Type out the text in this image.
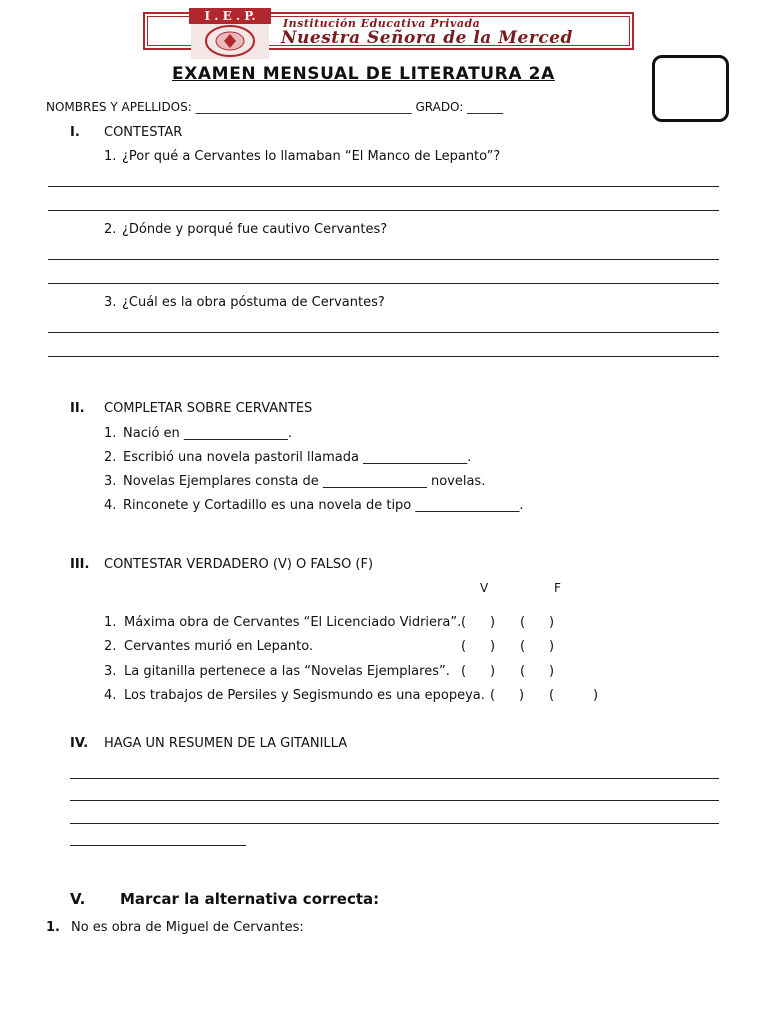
I . E . P.
Institución Educativa Privada
Nuestra Señora de la Merced
EXAMEN MENSUAL DE LITERATURA 2A
NOMBRES Y APELLIDOS: ____________________________________ GRADO: ______
I. CONTESTAR
1. ¿Por qué a Cervantes lo llamaban “El Manco de Lepanto”?
2. ¿Dónde y porqué fue cautivo Cervantes?
3. ¿Cuál es la obra póstuma de Cervantes?
II. COMPLETAR SOBRE CERVANTES
1. Nació en ________________.
2. Escribió una novela pastoril llamada ________________.
3. Novelas Ejemplares consta de ________________ novelas.
4. Rinconete y Cortadillo es una novela de tipo ________________.
III. CONTESTAR VERDADERO (V) O FALSO (F)
V	F
1. Máxima obra de Cervantes “El Licenciado Vidriera”.
2. Cervantes murió en Lepanto.
3. La gitanilla pertenece a las “Novelas Ejemplares”.
4. Los trabajos de Persiles y Segismundo es una epopeya.
( ) ( )
( ) ( )
( ) ( )
( ) (	)
IV. HAGA UN RESUMEN DE LA GITANILLA
V. Marcar la alternativa correcta:
1. No es obra de Miguel de Cervantes:
